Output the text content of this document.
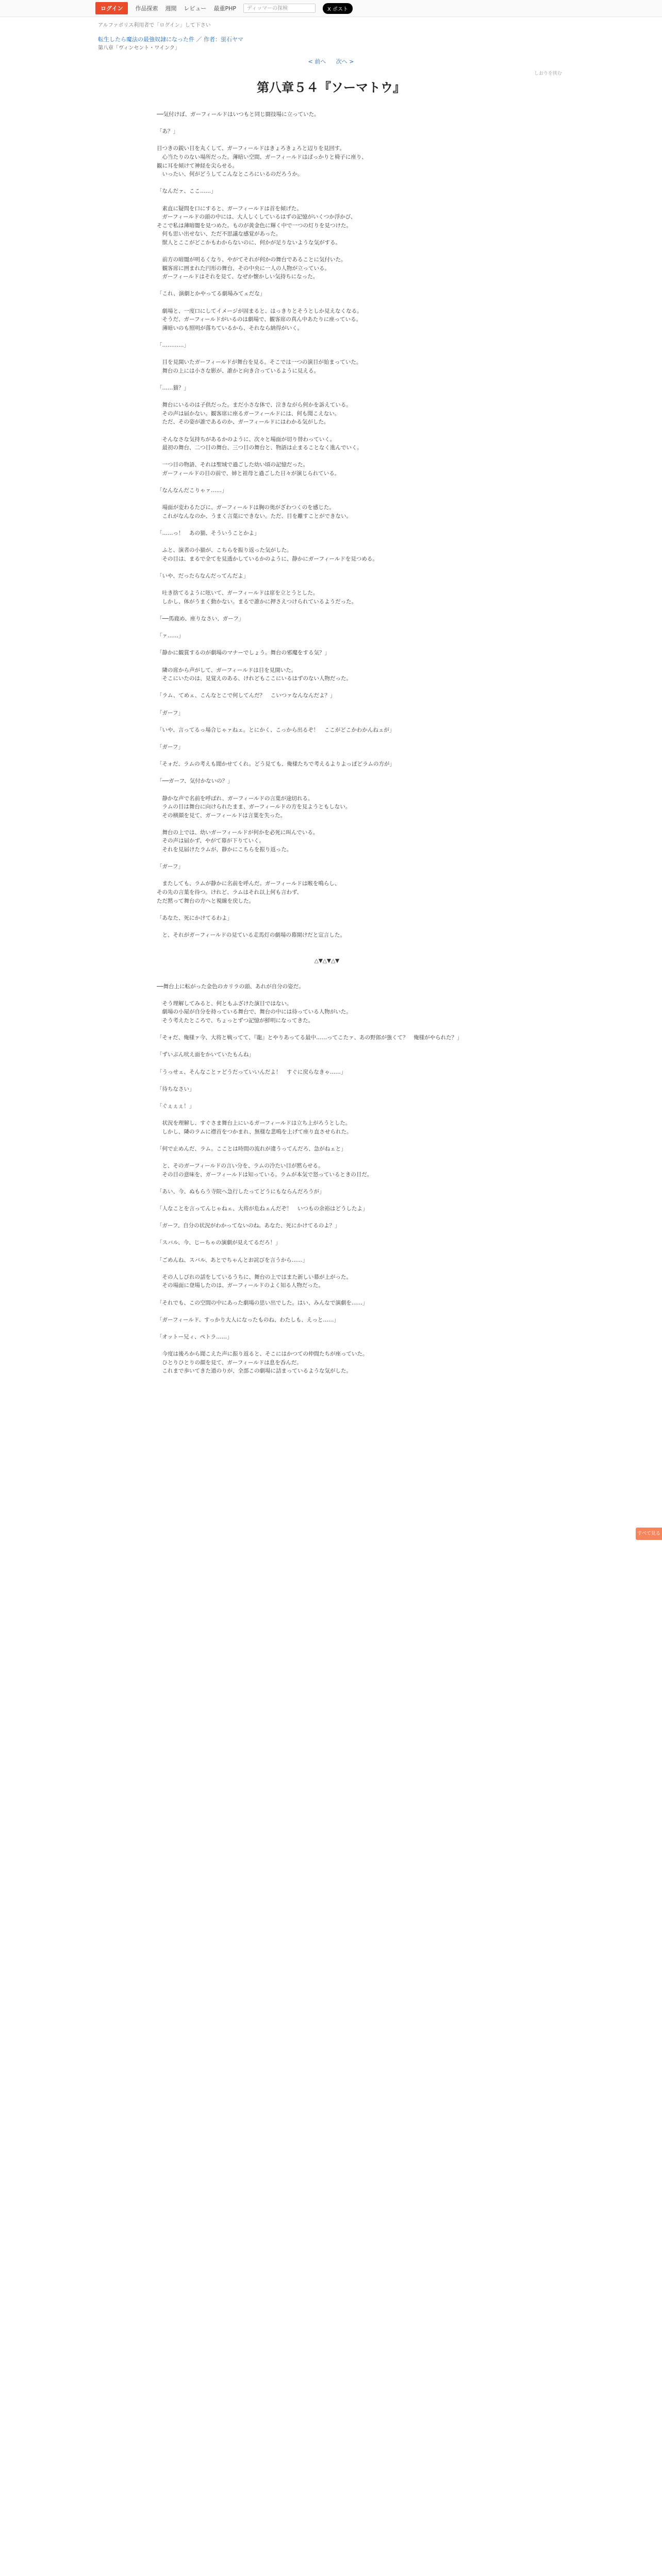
ログイン	作品探索 週間 レビュー 最重PHP	ディッマーの探検	X ポスト
アルファポリス利用者で「ログイン」して下さい
転生したら魔法の最強奴隷になった件 ／ 作者：蛍石ヤマ
第八章「ヴィンセント・ワインク」
< 前へ 次へ >
しおりを挟む
第八章５４『ソーマトウ』

──気付けば、ガーフィールドはいつもと同じ闘技場に立っていた。

「あ？」

目つきの鋭い目を丸くして、ガーフィールドはきょろきょろと辺りを見回す。

　心当たりのない場所だった。薄暗い空間、ガーフィールドはぱっかりと椅子に座り、

観に耳を傾けて神経を尖らせる。

　いったい、何がどうしてこんなところにいるのだろうか。

「なんだァ、ここ……」

　素直に疑問を口にすると、ガーフィールドは首を傾げた。

　ガーフィールドの頭の中には、大人しくしているはずの記憶がいくつか浮かび、

そこで私は薄暗闇を見つめた。ものが黄金色に輝く中で一つの灯りを見つけた。

　何も思い出せない、ただ不思議な感覚があった。

　獣人とここがどこかもわからないのに、何かが足りないような気がする。

　前方の暗闇が明るくなり、やがてそれが何かの舞台であることに気付いた。

　観客席に囲まれた円形の舞台、その中央に一人の人物が立っている。

　ガーフィールドはそれを見て、なぜか懐かしい気持ちになった。

「これ、演劇とかやってる劇場みてェだな」

　劇場と、一度口にしてイメージが固まると、はっきりとそうとしか見えなくなる。

　そうだ、ガーフィールドがいるのは劇場で、観客席の真ん中あたりに座っている。

　薄暗いのも照明が落ちているから、それなら納得がいく。

「…………」

　目を見開いたガーフィールドが舞台を見る。そこでは一つの演目が始まっていた。

　舞台の上には小さな影が、誰かと向き合っているように見える。

「……猫？」

　舞台にいるのは子供だった。まだ小さな体で、泣きながら何かを訴えている。

　その声は届かない。観客席に座るガーフィールドには、何も聞こえない。

　ただ、その姿が誰であるのか、ガーフィールドにはわかる気がした。

　そんなさな気持ちがあるかのように、次々と場面が切り替わっていく。

　最初の舞台、二つ目の舞台、三つ目の舞台と、物語は止まることなく進んでいく。

　一つ目の物語、それは聖域で過ごした幼い頃の記憶だった。

　ガーフィールドの目の前で、姉と祖母と過ごした日々が演じられている。

「なんなんだこりゃァ……」

　場面が変わるたびに、ガーフィールドは胸の奥がざわつくのを感じた。

　これがなんなのか、うまく言葉にできない。ただ、目を離すことができない。

「……っ！　あの猫、そういうことかよ」

　ふと、演者の小猫が、こちらを振り返った気がした。

　その目は、まるで全てを見透かしているかのように、静かにガーフィールドを見つめる。

「いや、だったらなんだってんだよ」

　吐き捨てるように呟いて、ガーフィールドは席を立とうとした。

　しかし、体がうまく動かない。まるで誰かに押さえつけられているようだった。

「──馬鹿め、座りなさい、ガーフ」

「ァ……」

「静かに観賞するのが劇場のマナーでしょう。舞台の邪魔をする気？」

　隣の席から声がして、ガーフィールドは目を見開いた。

　そこにいたのは、見覚えのある、けれどもここにいるはずのない人物だった。

「ラム、てめェ、こんなとこで何してんだ？　こいつァなんなんだよ？」

「ガーフ」

「いや、言ってるっ場合じゃァねェ。とにかく、こっから出るぞ！　ここがどこかわかんねェが」

「ガーフ」

「そォだ、ラムの考えも聞かせてくれ。どう見ても、俺様たちで考えるよりよっぽどラムの方が」

「──ガーフ、気付かないの？」

　静かな声で名前を呼ばれ、ガーフィールドの言葉が途切れる。

　ラムの目は舞台に向けられたまま、ガーフィールドの方を見ようともしない。

　その横顔を見て、ガーフィールドは言葉を失った。

　舞台の上では、幼いガーフィールドが何かを必死に叫んでいる。

　その声は届かず、やがて幕が下りていく。

　それを見届けたラムが、静かにこちらを振り返った。

「ガーフ」

　またしても、ラムが静かに名前を呼んだ。ガーフィールドは喉を鳴らし、

その先の言葉を待つ。けれど、ラムはそれ以上何も言わず、

ただ黙って舞台の方へと視線を戻した。

「あなた、死にかけてるわよ」

　と、それがガーフィールドの見ている走馬灯の劇場の幕開けだと宣言した。

△▼△▼△▼

──舞台上に転がった金色のカリラの頭、あれが自分の姿だ。

　そう理解してみると、何ともふざけた演目ではない。

　劇場の小屋が自分を持っている舞台で、舞台の中には待っている人物がいた。

　そう考えたところで、ちょっとずつ記憶が鮮明になってきた。

「そォだ、俺様ァ今、大将と戦ってて、『龍』とやりあってる最中……ってこたァ、あの野郎が強くて？　俺様がやられた？」

「ずいぶん吠え面をかいていたもんね」

「うっせェ、そんなことァどうだっていいんだよ！　すぐに戻らなきゃ……」

「待ちなさい」

「ぐぇぇぇ！」

　状況を理解し、すぐさま舞台上にいるガーフィールドは立ち上がろうとした。

　しかし、隣のラムに襟首をつかまれ、無様な悲鳴を上げて座り直させられた。

「何で止めんだ、ラム。こことは時間の流れが違うってんだろ、急がねェと」

　と、そのガーフィールドの言い分を、ラムの冷たい目が黙らせる。

　その目の意味を、ガーフィールドは知っている。ラムが本気で怒っているときの目だ。

「あい、今、ぬもらう寺院へ急行したってどうにもならんだろうが」

「人なことを言ってんじゃねェ、大将が危ねェんだぞ！　いつもの余裕はどうしたよ」

「ガーフ、自分の状況がわかってないのね。あなた、死にかけてるのよ？」

「スバル、今、じーちゃの演劇が見えてるだろ！」

「ごめんね、スバル、あとでちゃんとお詫びを言うから……」

　その人しびれの話をしているうちに、舞台の上ではまた新しい幕が上がった。

　その場面に登場したのは、ガーフィールドのよく知る人物だった。

「それでも、この空間の中にあった劇場の思い出でした。はい、みんなで演劇を……」

「ガーフィールド、すっかり大人になったものね、わたしも、えっと……」

「オットー兄ィ、ペトラ……」

　今度は後ろから聞こえた声に振り返ると、そこにはかつての仲間たちが座っていた。

　ひとりひとりの顔を見て、ガーフィールドは息を呑んだ。

　これまで歩いてきた道のりが、全部この劇場に詰まっているような気がした。

すべて見る
